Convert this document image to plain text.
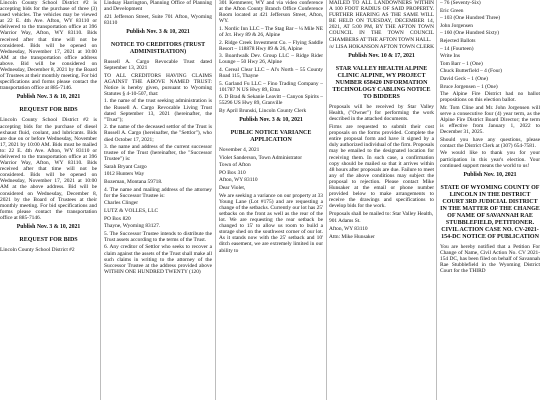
Lincoln County School District #2 is accepting bids for the purchase of three (3) used vehicles. The vehicles may be viewed at 22 E. 4th Ave. Afton, WY 83110 or delivered to the transportation office at 396 Warrior Way, Afton, WY 83110. Bids received after that time will not be considered. Bids will be opened on Wednesday, November 17, 2021 at 10:00 AM at the transportation office address above. Bid will be considered on Wednesday, December 8, 2021 by the Board of Trustees at their monthly meeting. For bid specifications and forms please contact the transportation office at 885-7146.

Publish Nov. 3 & 10, 2021

REQUEST FOR BIDS

Lincoln County School District #2 is accepting bids for the purchase of diesel exhaust fluid, coolant, and lubricants. Bids are due on or before Wednesday, November 17, 2021 by 10:00 AM. Bids must be mailed to: 22 E. 4th Ave. Afton, WY 83110 or delivered to the transportation office at 396 Warrior Way, Afton, WY 83110. Bids received after that time will not be considered. Bids will be opened on Wednesday, November 17, 2021 at 10:00 AM at the above address. Bid will be considered on Wednesday, December 8, 2021 by the Board of Trustees at their monthly meeting. For bid specifications and forms please contact the transportation office at 885-7146.

Publish Nov. 3 & 10, 2021

REQUEST FOR BIDS

Lincoln County School District #2

Lindsay Harrington, Planning Office of Planning and Development

421 Jefferson Street, Suite 701 Afton, Wyoming 83110

Publish Nov. 3 & 10, 2021

NOTICE TO CREDITORS (TRUST ADMINISTRATION)

Russell A. Cargo Revocable Trust dated September 13, 2021

TO ALL CREDITORS HAVING CLAIMS AGAINST THE ABOVE NAMED TRUST: Notice is hereby given, pursuant to Wyoming Statutes § 4-10-507, that:

1. the name of the trust seeking administration is the Russell A. Cargo Revocable Living Trust dated September 13, 2021 (hereinafter, the "Trust");

2. the name of the deceased settlor of the Trust is Russell A. Cargo (hereinafter, the "Settlor"), who died October 17, 2021;

3. the name and address of the current successor trustee of the Trust (hereinafter, the "Successor Trustee") is:

Sarah Bryant Cargo

1012 Hunters Way

Bozeman, Montana 59718.

4. The name and mailing address of the attorney for the Successor Trustee is:

Charles Clinger

LUTZ & VOLLES, LLC

PO Box 820

Thayne, Wyoming 83127.

5. The Successor Trustee intends to distribute the Trust assets according to the terms of the Trust.

6. Any creditor of Settlor who seeks to recover a claim against the assets of the Trust shall make all such claims in writing to the attorney of the Successor Trustee at the address provided above WITHIN ONE HUNDRED TWENTY (120)

301 Kemmerer, WY and via video conference at the Afton County Branch Office Conference Room located at 421 Jefferson Street, Afton, WY.

1. Nordic Inn LLC – The Stag Bar – ¼ Mile NE of Jct. Hwy 89 & 26, Alpine

2. Ridge Creek Investment Co. – Flying Saddle Resort – 118878 Hwy 89 & 26, Alpine

3. Boardwalk Dev. Group LLC – Ridge Rider Lounge – 50 Hwy 26, Alpine

4. Cereal Clear LLC – Al's North – 55 County Road 115, Thayne

5. Garland Fu LLC – Fino Trading Company – 101787 N US Hwy 89, Etna

6. D Brad & Sekanie Leavitt – Canyon Spirits – 55296 US Hwy 89, Granville

By April Brunski, Lincoln County Clerk

Publish Nov. 3 & 10, 2021

PUBLIC NOTICE VARIANCE APPLICATION

November 4, 2021

Violet Sanderson, Town Administrator

Town of Afton

PO Box 310

Afton, WY 83110

Dear Violet,

We are seeking a variance on our property at 33 Young Lane (Lot #175) and are requesting a change of the setbacks. Currently our lot has 25' setbacks on the front as well as the rear of the lot. We are requesting the rear setback be changed to 15' to allow us room to build a storage shed on the southwest corner of our lot. As it stands now with the 25' setback and 10' ditch easement, we are extremely limited in our ability to

MAILED TO ALL LANDOWNERS WITHIN A 100 FOOT RADIUS OF SAID PROPERTY. FURTHER HEARING AS THE SAME WILL BE HELD ON TUESDAY, DECEMBER 14, 2021, AT 5:00 PM, BY THE AFTON TOWN COUNCIL IN THE TOWN COUNCIL CHAMBERS AT THE AFTON TOWN HALL.

/s/ LISA HOKANSON AFTON TOWN CLERK

Publish Nov. 10 & 17, 2021

STAR VALLEY HEALTH ALPINE CLINIC ALPINE, WY PROJECT NUMBER 658420 INFORMATION TECHNOLOGY CABLING NOTICE TO BIDDERS

Proposals will be received by Star Valley Health, ("Owner") for performing the work described in the attached documents.

Firms are requested to submit their cost proposals on the forms provided. Complete the entire proposal form and have it signed by a duly authorized individual of the firm. Proposals may be emailed to the designated location for receiving them. In such case, a confirmation copy should be mailed so that it arrives within 48 hours after proposals are due. Failure to meet any of the above conditions may subject the proposal to rejection. Please contact Mike Hunsaker at the email or phone number provided below to make arrangements to receive the drawings and specifications to develop bids for the work.

Proposals shall be mailed to: Star Valley Health,

901 Adams St.

Afton, WY 83110

Attn: Mike Hunsaker

– 76 (Seventy-Six)

Eric Green

– 103 (One Hundred Three)

John Jorgensen

– 160 (One Hundred Sixty)

Rejected Ballots

– 14 (Fourteen)

Write Ins

Tom Barr – 1 (One)

Chuck Butterfield – 4 (Four)

David Geck – 1 (One)

Bruce Jorgensen – 1 (One)

The Alpine Fire District had no ballot propositions on this election ballot.

Mr. Tom Cline and Mr. John Jorgensen will serve a consecutive four (4) year term, as the Alpine Fire District Board Director; the term is effective from January 1, 2022 to December 31, 2025.

Should you have any questions, please contact the District Clerk at (307) 654-7581.

We would like to thank you for your participation in this year's election. Your continued support means the world to us!

Publish Nov. 10, 2021

STATE OF WYOMING COUNTY OF LINCOLN IN THE DISTRICT COURT 3RD JUDICIAL DISTRICT IN THE MATTER OF THE CHANGE OF NAME OF SAVANNAH RAE STUBBLEFIELD, PETITIONER. CIVIL ACTION CASE NO. CV-2021-154-DC NOTICE OF PUBLICATION

You are hereby notified that a Petition For Change of Name, Civil Action No. CV 2021-154 DC, has been filed on behalf of Savannah Rae Stubblefield in the Wyoming District Court for the THIRD
